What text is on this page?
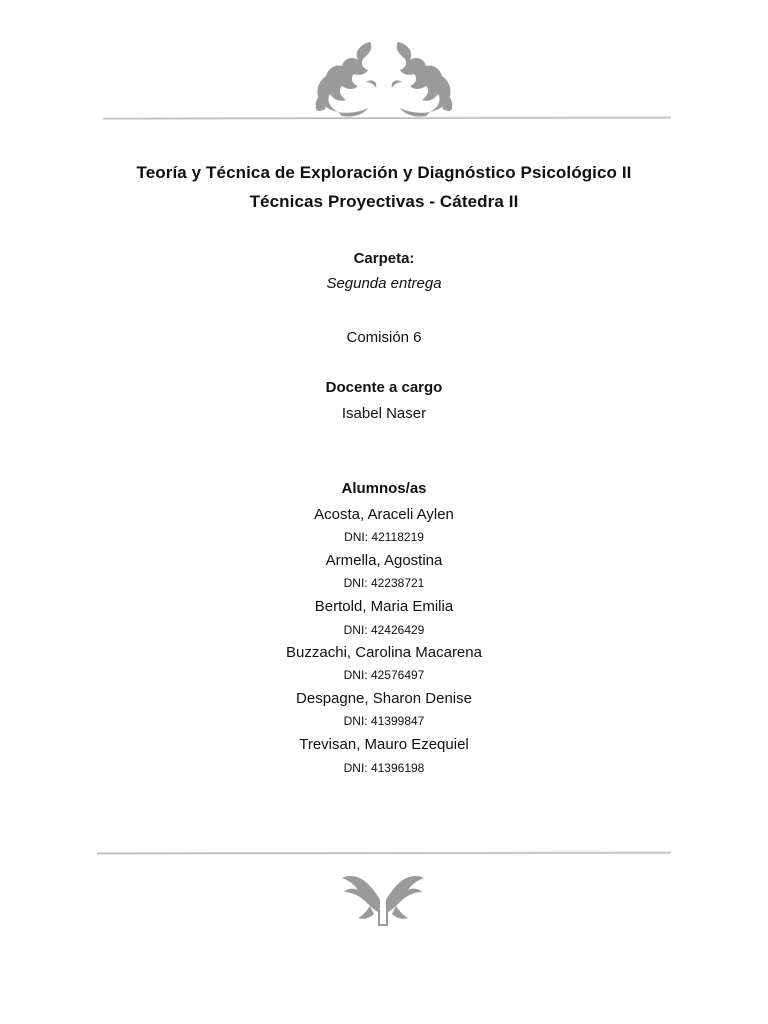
Teoría y Técnica de Exploración y Diagnóstico Psicológico II
Técnicas Proyectivas - Cátedra II
Carpeta:
Segunda entrega
Comisión 6
Docente a cargo
Isabel Naser
Alumnos/as
Acosta, Araceli Aylen
DNI: 42118219
Armella, Agostina
DNI: 42238721
Bertold, Maria Emilia
DNI: 42426429
Buzzachi, Carolina Macarena
DNI: 42576497
Despagne, Sharon Denise
DNI: 41399847
Trevisan, Mauro Ezequiel
DNI: 41396198
